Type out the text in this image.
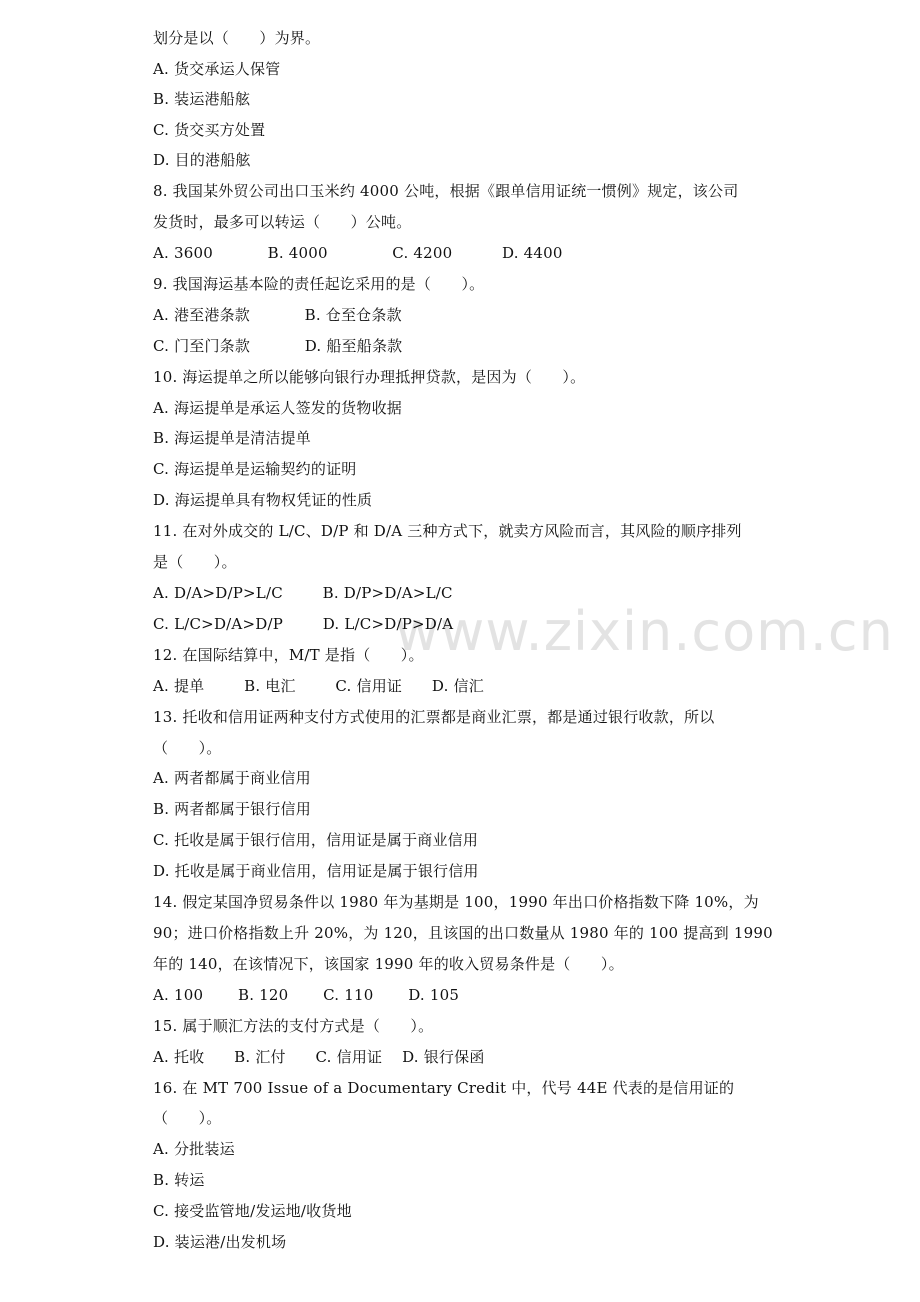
www.zixin.com.cn
划分是以（　　）为界。
A. 货交承运人保管
B. 装运港船舷
C. 货交买方处置
D. 目的港船舷
8. 我国某外贸公司出口玉米约 4000 公吨，根据《跟单信用证统一惯例》规定，该公司
发货时，最多可以转运（　　）公吨。
A. 3600           B. 4000             C. 4200          D. 4400
9. 我国海运基本险的责任起讫采用的是（　　）。
A. 港至港条款           B. 仓至仓条款
C. 门至门条款           D. 船至船条款
10. 海运提单之所以能够向银行办理抵押贷款，是因为（　　）。
A. 海运提单是承运人签发的货物收据
B. 海运提单是清洁提单
C. 海运提单是运输契约的证明
D. 海运提单具有物权凭证的性质
11. 在对外成交的 L/C、D/P 和 D/A 三种方式下，就卖方风险而言，其风险的顺序排列
是（　　）。
A. D/A>D/P>L/C        B. D/P>D/A>L/C
C. L/C>D/A>D/P        D. L/C>D/P>D/A
12. 在国际结算中，M/T 是指（　　）。
A. 提单        B. 电汇        C. 信用证      D. 信汇
13. 托收和信用证两种支付方式使用的汇票都是商业汇票，都是通过银行收款，所以
（　　）。
A. 两者都属于商业信用
B. 两者都属于银行信用
C. 托收是属于银行信用，信用证是属于商业信用
D. 托收是属于商业信用，信用证是属于银行信用
14. 假定某国净贸易条件以 1980 年为基期是 100，1990 年出口价格指数下降 10%，为
90；进口价格指数上升 20%，为 120，且该国的出口数量从 1980 年的 100 提高到 1990
年的 140，在该情况下，该国家 1990 年的收入贸易条件是（　　）。
A. 100       B. 120       C. 110       D. 105
15. 属于顺汇方法的支付方式是（　　）。
A. 托收      B. 汇付      C. 信用证    D. 银行保函
16. 在 MT 700 Issue of a Documentary Credit 中，代号 44E 代表的是信用证的
（　　）。
A. 分批装运
B. 转运
C. 接受监管地/发运地/收货地
D. 装运港/出发机场
